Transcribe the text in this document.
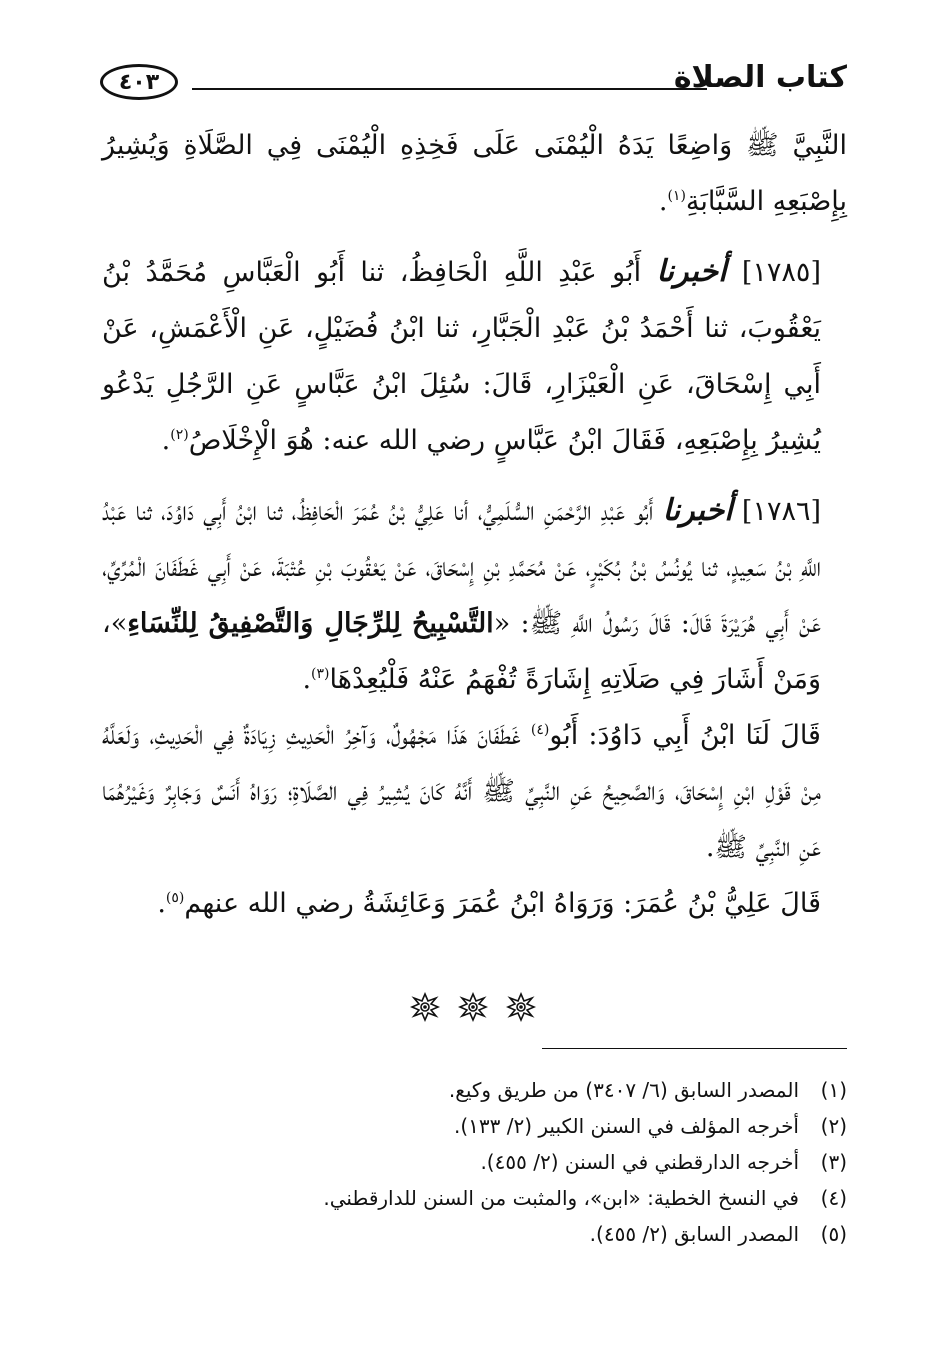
كتاب الصلاة
٤٠٣

النَّبِيَّ ﷺ وَاضِعًا يَدَهُ الْيُمْنَى عَلَى فَخِذِهِ الْيُمْنَى فِي الصَّلَاةِ وَيُشِيرُ بِإِصْبَعِهِ السَّبَّابَةِ$^{(١)}$.

[١٧٨٥] أخبرنا أَبُو عَبْدِ اللَّهِ الْحَافِظُ، ثنا أَبُو الْعَبَّاسِ مُحَمَّدُ بْنُ يَعْقُوبَ، ثنا أَحْمَدُ بْنُ عَبْدِ الْجَبَّارِ، ثنا ابْنُ فُضَيْلٍ، عَنِ الْأَعْمَشِ، عَنْ أَبِي إِسْحَاقَ، عَنِ الْعَيْزَارِ، قَالَ: سُئِلَ ابْنُ عَبَّاسٍ عَنِ الرَّجُلِ يَدْعُو يُشِيرُ بِإِصْبَعِهِ، فَقَالَ ابْنُ عَبَّاسٍ رضي الله عنه: هُوَ الْإِخْلَاصُ$^{(٢)}$.

[١٧٨٦] أخبرنا أَبُو عَبْدِ الرَّحْمَنِ السُّلَمِيُّ، أنا عَلِيُّ بْنُ عُمَرَ الْحَافِظُ، ثنا ابْنُ أَبِي دَاوُدَ، ثنا عَبْدُ اللَّهِ بْنُ سَعِيدٍ، ثنا يُونُسُ بْنُ بُكَيْرٍ، عَنْ مُحَمَّدِ بْنِ إِسْحَاقَ، عَنْ يَعْقُوبَ بْنِ عُتْبَةَ، عَنْ أَبِي غَطَفَانَ الْمُرِّيِّ، عَنْ أَبِي هُرَيْرَةَ قَالَ: قَالَ رَسُولُ اللَّهِ ﷺ: «التَّسْبِيحُ لِلرِّجَالِ وَالتَّصْفِيقُ لِلنِّسَاءِ»، وَمَنْ أَشَارَ فِي صَلَاتِهِ إِشَارَةً تُفْهَمُ عَنْهُ فَلْيُعِدْهَا$^{(٣)}$.

قَالَ لَنَا ابْنُ أَبِي دَاوُدَ: أَبُو$^{(٤)}$ غَطَفَانَ هَذَا مَجْهُولٌ، وَآخِرُ الْحَدِيثِ زِيَادَةٌ فِي الْحَدِيثِ، وَلَعَلَّهُ مِنْ قَوْلِ ابْنِ إِسْحَاقَ، وَالصَّحِيحُ عَنِ النَّبِيِّ ﷺ أَنَّهُ كَانَ يُشِيرُ فِي الصَّلَاةِ؛ رَوَاهُ أَنَسٌ وَجَابِرٌ وَغَيْرُهُمَا عَنِ النَّبِيِّ ﷺ.

قَالَ عَلِيُّ بْنُ عُمَرَ: وَرَوَاهُ ابْنُ عُمَرَ وَعَائِشَةُ رضي الله عنهم$^{(٥)}$.

(١)
المصدر السابق (٦/ ٣٤٠٧) من طريق وكيع.
(٢)
أخرجه المؤلف في السنن الكبير (٢/ ١٣٣).
(٣)
أخرجه الدارقطني في السنن (٢/ ٤٥٥).
(٤)
في النسخ الخطية: «ابن»، والمثبت من السنن للدارقطني.
(٥)
المصدر السابق (٢/ ٤٥٥).
